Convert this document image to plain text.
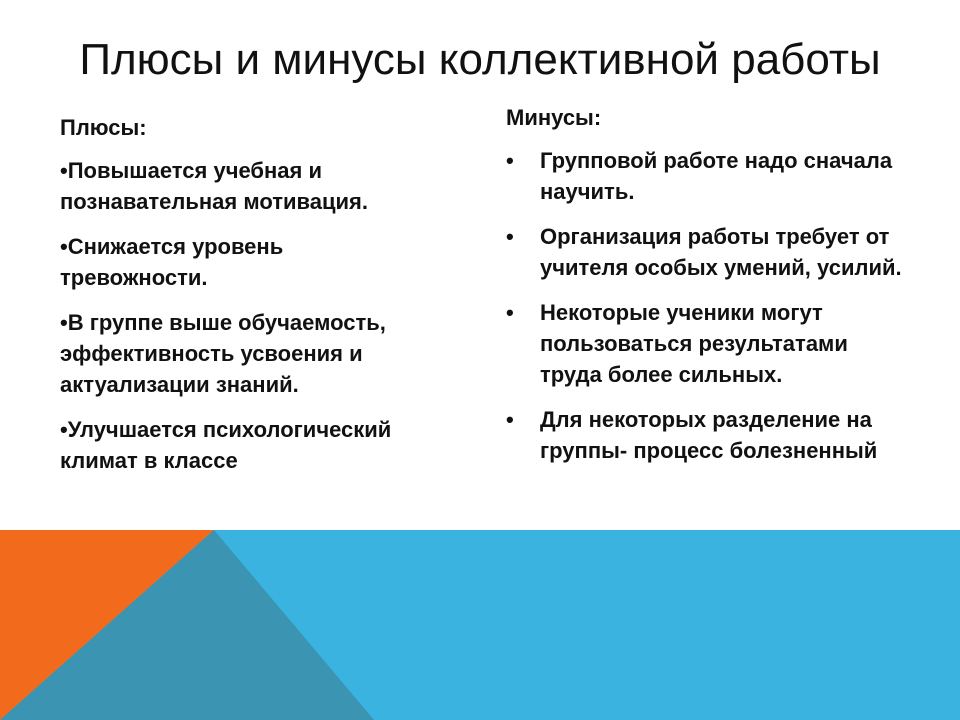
Плюсы и минусы коллективной работы
Плюсы:
•Повышается учебная и познавательная мотивация.
•Снижается уровень тревожности.
•В группе выше обучаемость, эффективность усвоения и актуализации знаний.
•Улучшается психологический климат в классе
Минусы:
• Групповой работе надо сначала научить.
• Организация работы требует от учителя особых умений, усилий.
• Некоторые ученики могут пользоваться результатами труда более сильных.
• Для некоторых разделение на группы- процесс болезненный
